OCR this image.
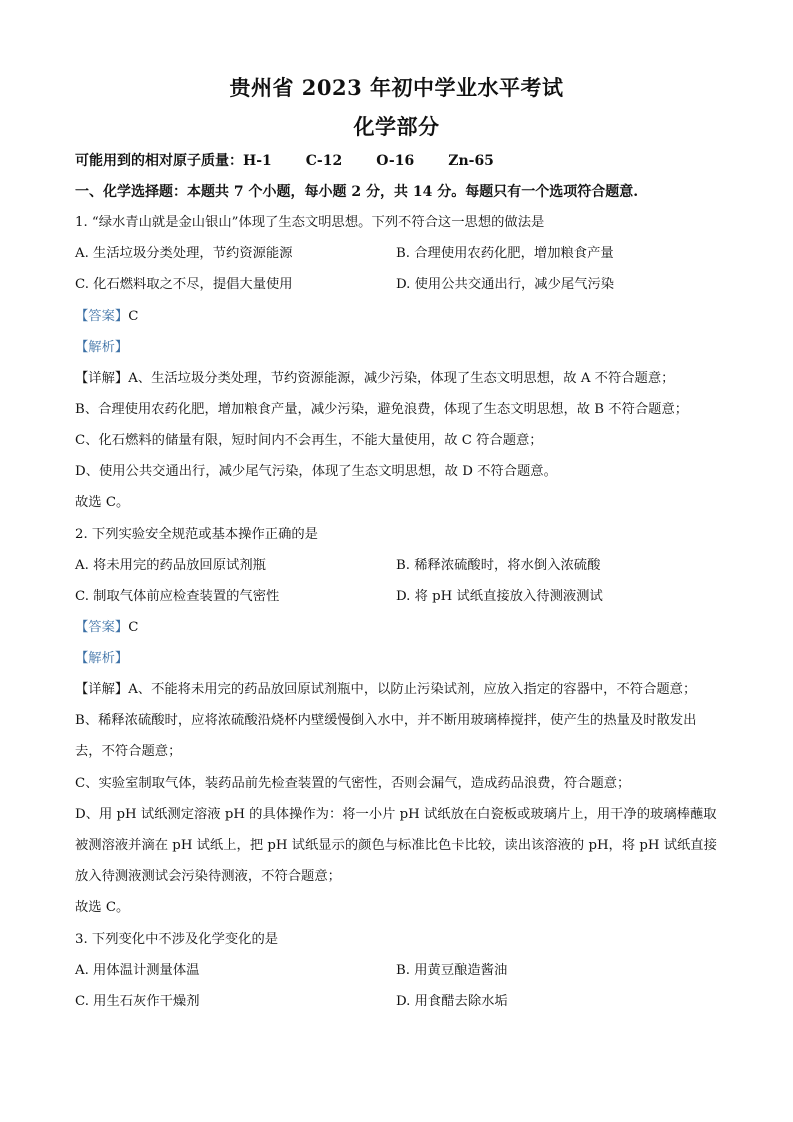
贵州省 2023 年初中学业水平考试
化学部分
可能用到的相对原子质量：H-1 C-12 O-16 Zn-65
一、化学选择题：本题共 7 个小题，每小题 2 分，共 14 分。每题只有一个选项符合题意.
1. “绿水青山就是金山银山”体现了生态文明思想。下列不符合这一思想的做法是
A. 生活垃圾分类处理，节约资源能源	B. 合理使用农药化肥，增加粮食产量
C. 化石燃料取之不尽，提倡大量使用	D. 使用公共交通出行，减少尾气污染
【答案】C
【解析】
【详解】A、生活垃圾分类处理，节约资源能源，减少污染，体现了生态文明思想，故 A 不符合题意；
B、合理使用农药化肥，增加粮食产量，减少污染，避免浪费，体现了生态文明思想，故 B 不符合题意；
C、化石燃料的储量有限，短时间内不会再生，不能大量使用，故 C 符合题意；
D、使用公共交通出行，减少尾气污染，体现了生态文明思想，故 D 不符合题意。
故选 C。
2. 下列实验安全规范或基本操作正确的是
A. 将未用完的药品放回原试剂瓶	B. 稀释浓硫酸时，将水倒入浓硫酸
C. 制取气体前应检查装置的气密性	D. 将 pH 试纸直接放入待测液测试
【答案】C
【解析】
【详解】A、不能将未用完的药品放回原试剂瓶中，以防止污染试剂，应放入指定的容器中，不符合题意；
B、稀释浓硫酸时，应将浓硫酸沿烧杯内壁缓慢倒入水中，并不断用玻璃棒搅拌，使产生的热量及时散发出
去，不符合题意；
C、实验室制取气体，装药品前先检查装置的气密性，否则会漏气，造成药品浪费，符合题意；
D、用 pH 试纸测定溶液 pH 的具体操作为：将一小片 pH 试纸放在白瓷板或玻璃片上，用干净的玻璃棒蘸取
被测溶液并滴在 pH 试纸上，把 pH 试纸显示的颜色与标准比色卡比较，读出该溶液的 pH，将 pH 试纸直接
放入待测液测试会污染待测液，不符合题意；
故选 C。
3. 下列变化中不涉及化学变化的是
A. 用体温计测量体温	B. 用黄豆酿造酱油
C. 用生石灰作干燥剂	D. 用食醋去除水垢
